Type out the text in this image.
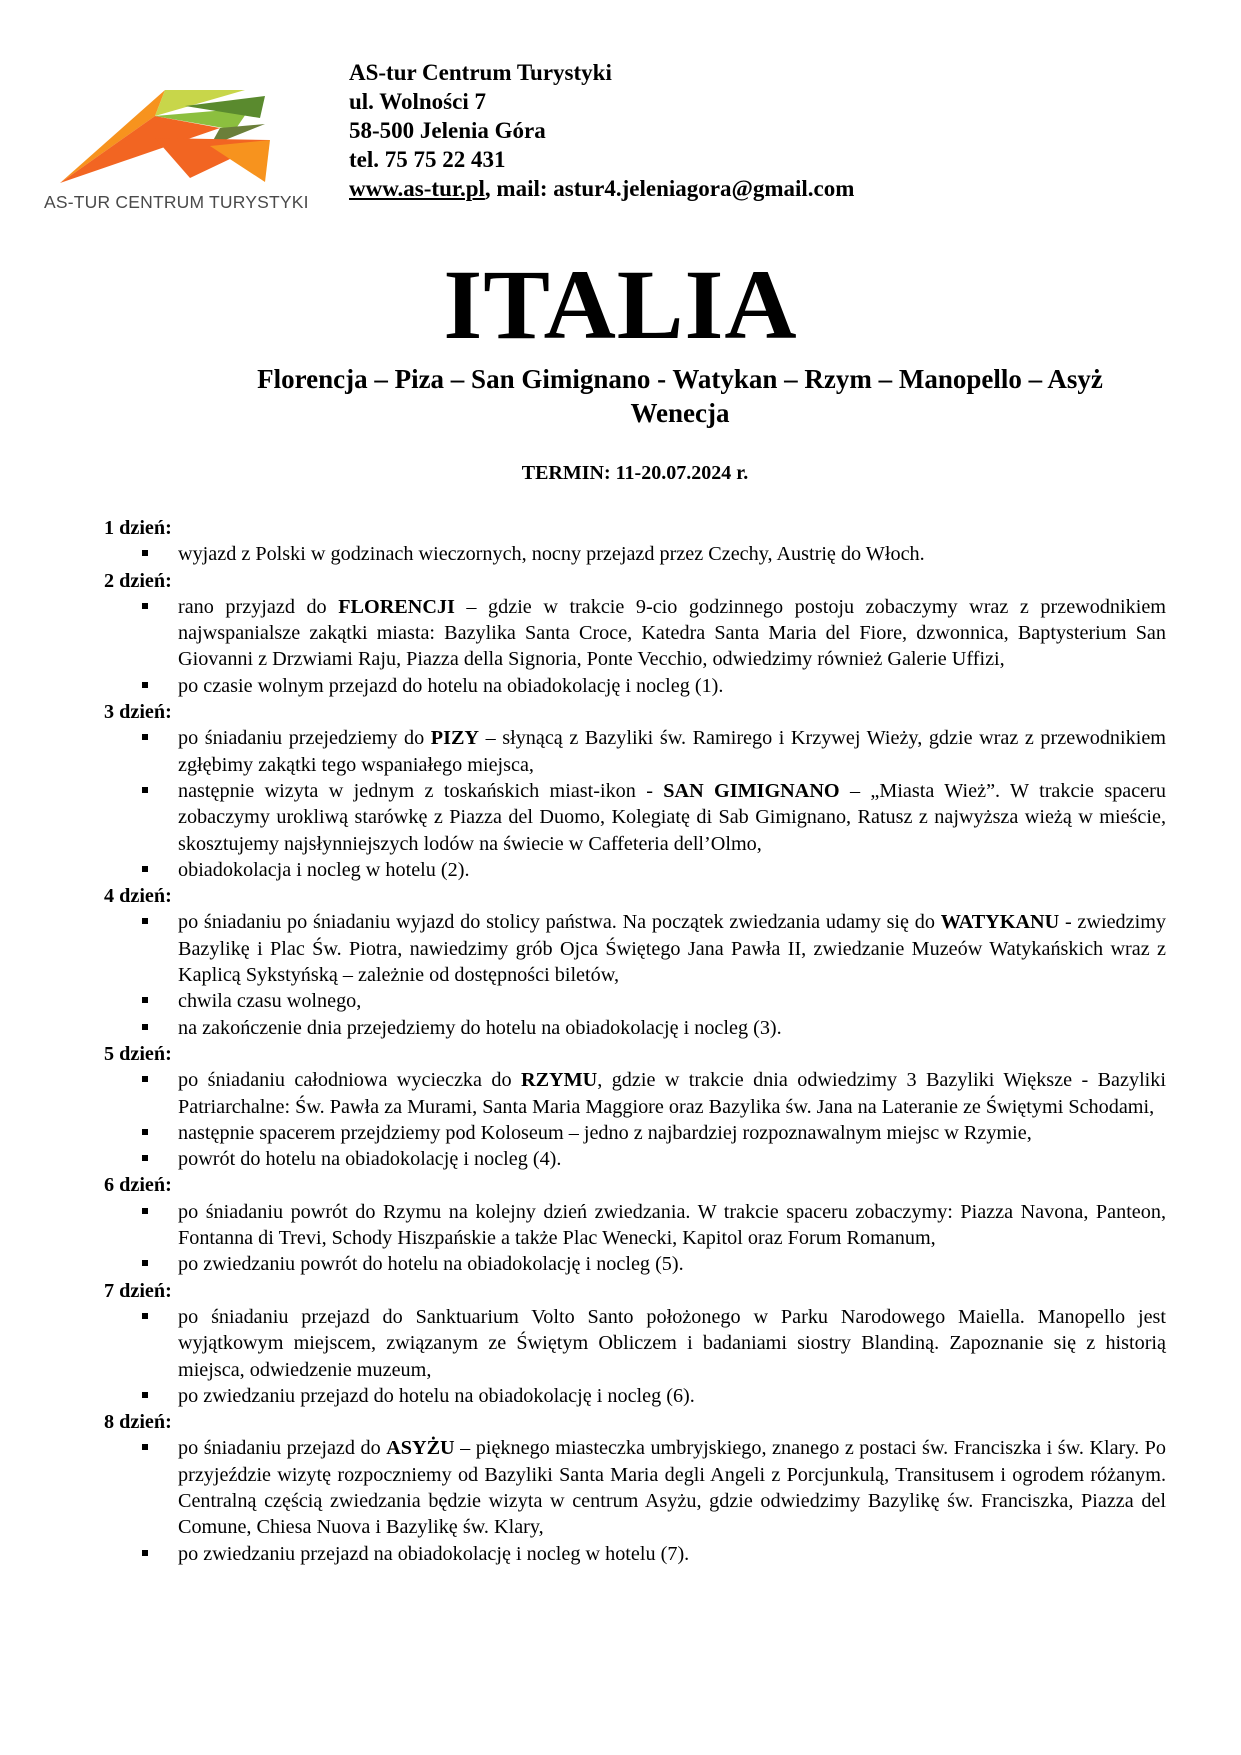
AS-TUR CENTRUM TURYSTYKI
AS-tur Centrum Turystyki
ul. Wolności 7
58-500 Jelenia Góra
tel. 75 75 22 431
www.as-tur.pl, mail: astur4.jeleniagora@gmail.com
ITALIA
Florencja – Piza – San Gimignano - Watykan – Rzym – Manopello – Asyż
Wenecja
TERMIN: 11-20.07.2024 r.
1 dzień:
wyjazd z Polski w godzinach wieczornych, nocny przejazd przez Czechy, Austrię do Włoch.
2 dzień:
rano przyjazd do FLORENCJI – gdzie w trakcie 9-cio godzinnego postoju zobaczymy wraz z przewodnikiem najwspanialsze zakątki miasta: Bazylika Santa Croce, Katedra Santa Maria del Fiore, dzwonnica, Baptysterium San Giovanni z Drzwiami Raju, Piazza della Signoria, Ponte Vecchio, odwiedzimy również Galerie Uffizi,
po czasie wolnym przejazd do hotelu na obiadokolację i nocleg (1).
3 dzień:
po śniadaniu przejedziemy do PIZY – słynącą z Bazyliki św. Ramirego i Krzywej Wieży, gdzie wraz z przewodnikiem zgłębimy zakątki tego wspaniałego miejsca,
następnie wizyta w jednym z toskańskich miast-ikon - SAN GIMIGNANO – „Miasta Wież”. W trakcie spaceru zobaczymy urokliwą starówkę z Piazza del Duomo, Kolegiatę di Sab Gimignano, Ratusz z najwyższa wieżą w mieście, skosztujemy najsłynniejszych lodów na świecie w Caffeteria dell’Olmo,
obiadokolacja i nocleg w hotelu (2).
4 dzień:
po śniadaniu po śniadaniu wyjazd do stolicy państwa. Na początek zwiedzania udamy się do WATYKANU - zwiedzimy Bazylikę i Plac Św. Piotra, nawiedzimy grób Ojca Świętego Jana Pawła II, zwiedzanie Muzeów Watykańskich wraz z Kaplicą Sykstyńską – zależnie od dostępności biletów,
chwila czasu wolnego,
na zakończenie dnia przejedziemy do hotelu na obiadokolację i nocleg (3).
5 dzień:
po śniadaniu całodniowa wycieczka do RZYMU, gdzie w trakcie dnia odwiedzimy 3 Bazyliki Większe - Bazyliki Patriarchalne: Św. Pawła za Murami, Santa Maria Maggiore oraz Bazylika św. Jana na Lateranie ze Świętymi Schodami,
następnie spacerem przejdziemy pod Koloseum – jedno z najbardziej rozpoznawalnym miejsc w Rzymie,
powrót do hotelu na obiadokolację i nocleg (4).
6 dzień:
po śniadaniu powrót do Rzymu na kolejny dzień zwiedzania. W trakcie spaceru zobaczymy: Piazza Navona, Panteon, Fontanna di Trevi, Schody Hiszpańskie a także Plac Wenecki, Kapitol oraz Forum Romanum,
po zwiedzaniu powrót do hotelu na obiadokolację i nocleg (5).
7 dzień:
po śniadaniu przejazd do Sanktuarium Volto Santo położonego w Parku Narodowego Maiella. Manopello jest wyjątkowym miejscem, związanym ze Świętym Obliczem i badaniami siostry Blandiną. Zapoznanie się z historią miejsca, odwiedzenie muzeum,
po zwiedzaniu przejazd do hotelu na obiadokolację i nocleg (6).
8 dzień:
po śniadaniu przejazd do ASYŻU – pięknego miasteczka umbryjskiego, znanego z postaci św. Franciszka i św. Klary. Po przyjeździe wizytę rozpoczniemy od Bazyliki Santa Maria degli Angeli z Porcjunkulą, Transitusem i ogrodem różanym. Centralną częścią zwiedzania będzie wizyta w centrum Asyżu, gdzie odwiedzimy Bazylikę św. Franciszka, Piazza del Comune, Chiesa Nuova i Bazylikę św. Klary,
po zwiedzaniu przejazd na obiadokolację i nocleg w hotelu (7).
